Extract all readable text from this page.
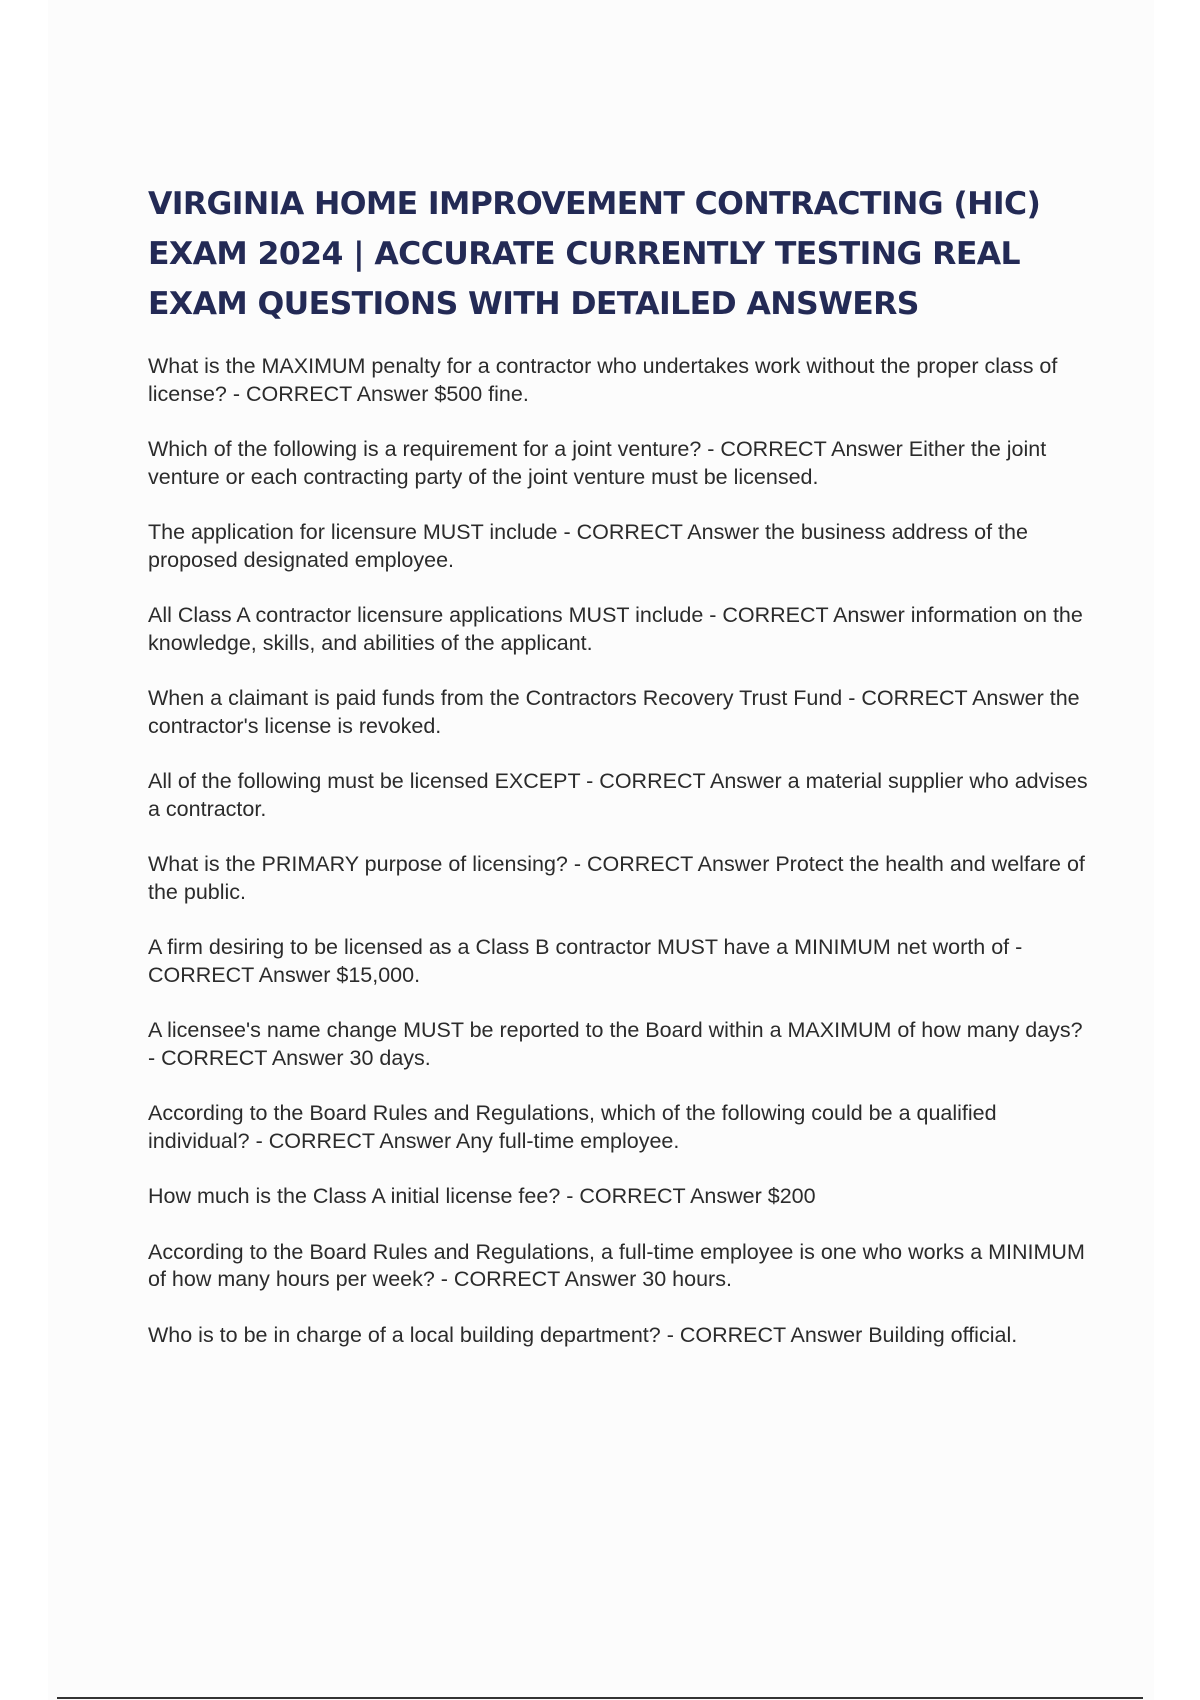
VIRGINIA HOME IMPROVEMENT CONTRACTING (HIC) EXAM 2024 | ACCURATE CURRENTLY TESTING REAL EXAM QUESTIONS WITH DETAILED ANSWERS
What is the MAXIMUM penalty for a contractor who undertakes work without the proper class of license? - CORRECT Answer $500 fine.
Which of the following is a requirement for a joint venture? - CORRECT Answer Either the joint venture or each contracting party of the joint venture must be licensed.
The application for licensure MUST include - CORRECT Answer the business address of the proposed designated employee.
All Class A contractor licensure applications MUST include - CORRECT Answer information on the knowledge, skills, and abilities of the applicant.
When a claimant is paid funds from the Contractors Recovery Trust Fund - CORRECT Answer the contractor's license is revoked.
All of the following must be licensed EXCEPT - CORRECT Answer a material supplier who advises a contractor.
What is the PRIMARY purpose of licensing? - CORRECT Answer Protect the health and welfare of the public.
A firm desiring to be licensed as a Class B contractor MUST have a MINIMUM net worth of - CORRECT Answer $15,000.
A licensee's name change MUST be reported to the Board within a MAXIMUM of how many days? - CORRECT Answer 30 days.
According to the Board Rules and Regulations, which of the following could be a qualified individual? - CORRECT Answer Any full-time employee.
How much is the Class A initial license fee? - CORRECT Answer $200
According to the Board Rules and Regulations, a full-time employee is one who works a MINIMUM of how many hours per week? - CORRECT Answer 30 hours.
Who is to be in charge of a local building department? - CORRECT Answer Building official.
